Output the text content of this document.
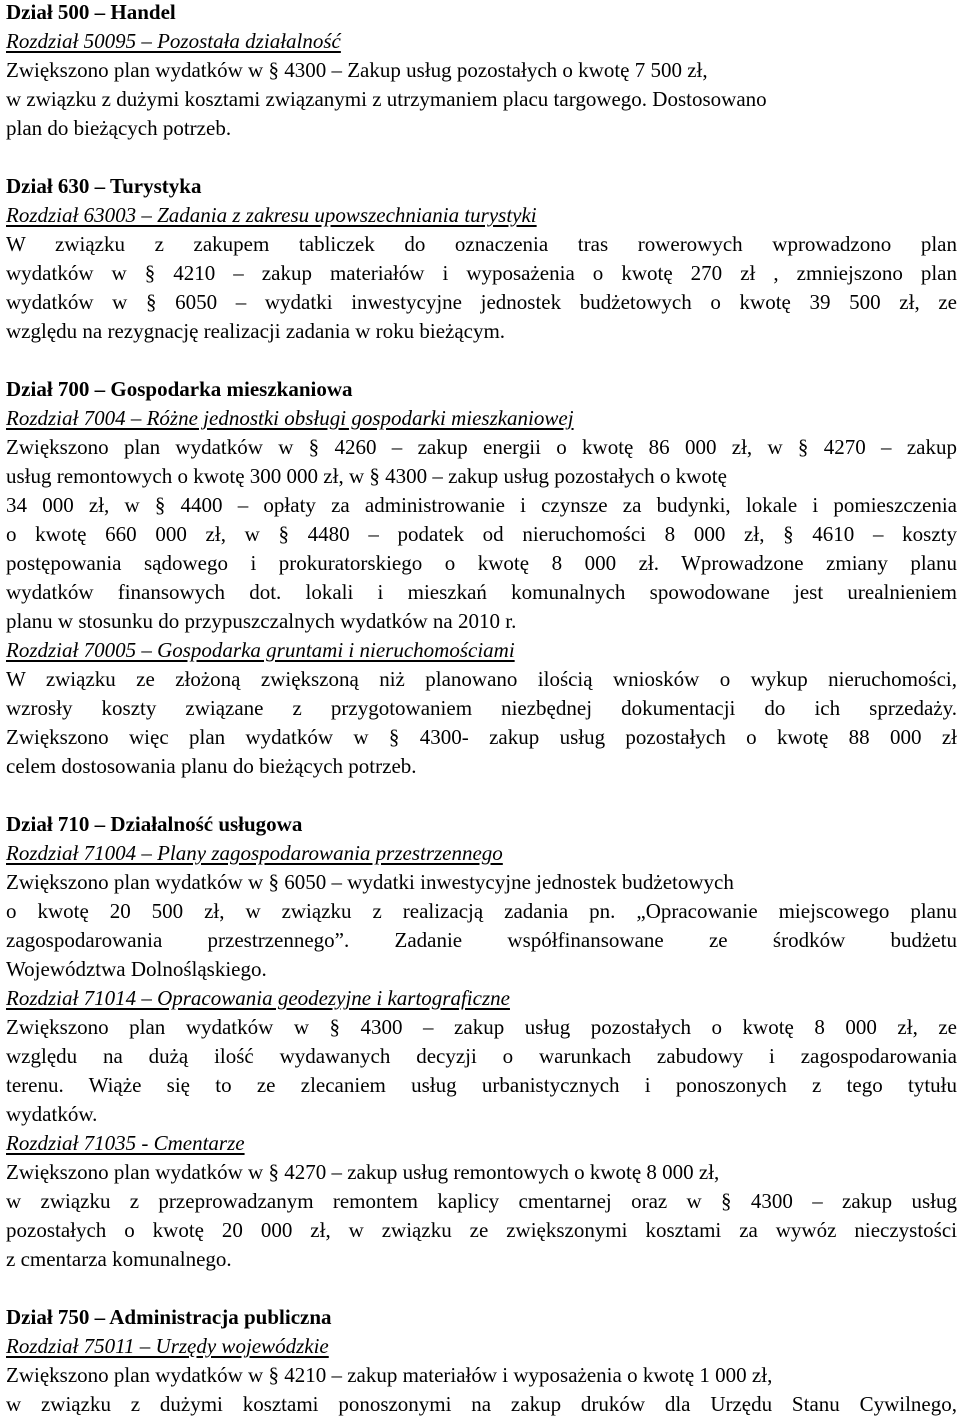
Dział 500 – Handel
Rozdział 50095 – Pozostała działalność
Zwiększono plan wydatków w § 4300 – Zakup usług pozostałych o kwotę 7 500 zł,
w związku z dużymi kosztami związanymi z utrzymaniem placu targowego. Dostosowano
plan do bieżących potrzeb.
Dział 630 – Turystyka
Rozdział 63003 – Zadania z zakresu upowszechniania turystyki
W związku z zakupem tabliczek do oznaczenia tras rowerowych wprowadzono plan
wydatków w § 4210 – zakup materiałów i wyposażenia o kwotę 270 zł , zmniejszono plan
wydatków w § 6050 – wydatki inwestycyjne jednostek budżetowych o kwotę 39 500 zł, ze
względu na rezygnację realizacji zadania w roku bieżącym.
Dział 700 – Gospodarka mieszkaniowa
Rozdział 7004 – Różne jednostki obsługi gospodarki mieszkaniowej
Zwiększono plan wydatków w § 4260 – zakup energii o kwotę 86 000 zł, w § 4270 – zakup
usług remontowych o kwotę 300 000 zł, w § 4300 – zakup usług pozostałych o kwotę
34 000 zł, w § 4400 – opłaty za administrowanie i czynsze za budynki, lokale i pomieszczenia
o kwotę 660 000 zł, w § 4480 – podatek od nieruchomości 8 000 zł, § 4610 – koszty
postępowania sądowego i prokuratorskiego o kwotę 8 000 zł. Wprowadzone zmiany planu
wydatków finansowych dot. lokali i mieszkań komunalnych spowodowane jest urealnieniem
planu w stosunku do przypuszczalnych wydatków na 2010 r.
Rozdział 70005 – Gospodarka gruntami i nieruchomościami
W związku ze złożoną zwiększoną niż planowano ilością wniosków o wykup nieruchomości,
wzrosły koszty związane z przygotowaniem niezbędnej dokumentacji do ich sprzedaży.
Zwiększono więc plan wydatków w § 4300- zakup usług pozostałych o kwotę 88 000 zł
celem dostosowania planu do bieżących potrzeb.
Dział 710 – Działalność usługowa
Rozdział 71004 – Plany zagospodarowania przestrzennego
Zwiększono plan wydatków w § 6050 – wydatki inwestycyjne jednostek budżetowych
o kwotę 20 500 zł, w związku z realizacją zadania pn. „Opracowanie miejscowego planu
zagospodarowania przestrzennego”. Zadanie współfinansowane ze środków budżetu
Województwa Dolnośląskiego.
Rozdział 71014 – Opracowania geodezyjne i kartograficzne
Zwiększono plan wydatków w § 4300 – zakup usług pozostałych o kwotę 8 000 zł, ze
względu na dużą ilość wydawanych decyzji o warunkach zabudowy i zagospodarowania
terenu. Wiąże się to ze zlecaniem usług urbanistycznych i ponoszonych z tego tytułu
wydatków.
Rozdział 71035 - Cmentarze
Zwiększono plan wydatków w § 4270 – zakup usług remontowych o kwotę 8 000 zł,
w związku z przeprowadzanym remontem kaplicy cmentarnej oraz w § 4300 – zakup usług
pozostałych o kwotę 20 000 zł, w związku ze zwiększonymi kosztami za wywóz nieczystości
z cmentarza komunalnego.
Dział 750 – Administracja publiczna
Rozdział 75011 – Urzędy wojewódzkie
Zwiększono plan wydatków w § 4210 – zakup materiałów i wyposażenia o kwotę 1 000 zł,
w związku z dużymi kosztami ponoszonymi na zakup druków dla Urzędu Stanu Cywilnego,
